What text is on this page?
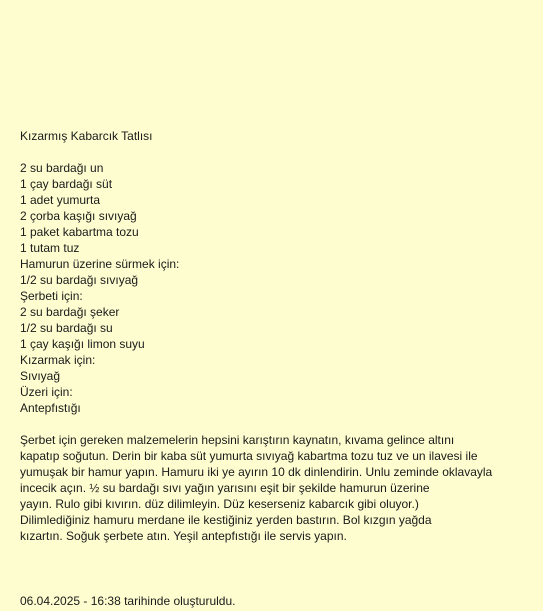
Kızarmış Kabarcık Tatlısı
2 su bardağı un
1 çay bardağı süt
1 adet yumurta
2 çorba kaşığı sıvıyağ
1 paket kabartma tozu
1 tutam tuz
Hamurun üzerine sürmek için:
1/2 su bardağı sıvıyağ
Şerbeti için:
2 su bardağı şeker
1/2 su bardağı su
1 çay kaşığı limon suyu
Kızarmak için:
Sıvıyağ
Üzeri için:
Antepfıstığı
Şerbet için gereken malzemelerin hepsini karıştırın kaynatın, kıvama gelince altını
kapatıp soğutun. Derin bir kaba süt yumurta sıvıyağ kabartma tozu tuz ve un ilavesi ile
yumuşak bir hamur yapın. Hamuru iki ye ayırın 10 dk dinlendirin. Unlu zeminde oklavayla
incecik açın. ½ su bardağı sıvı yağın yarısını eşit bir şekilde hamurun üzerine
yayın. Rulo gibi kıvırın. düz dilimleyin. Düz keserseniz kabarcık gibi oluyor.)
Dilimlediğiniz hamuru merdane ile kestiğiniz yerden bastırın. Bol kızgın yağda
kızartın. Soğuk şerbete atın. Yeşil antepfıstığı ile servis yapın.
06.04.2025 - 16:38 tarihinde oluşturuldu.
